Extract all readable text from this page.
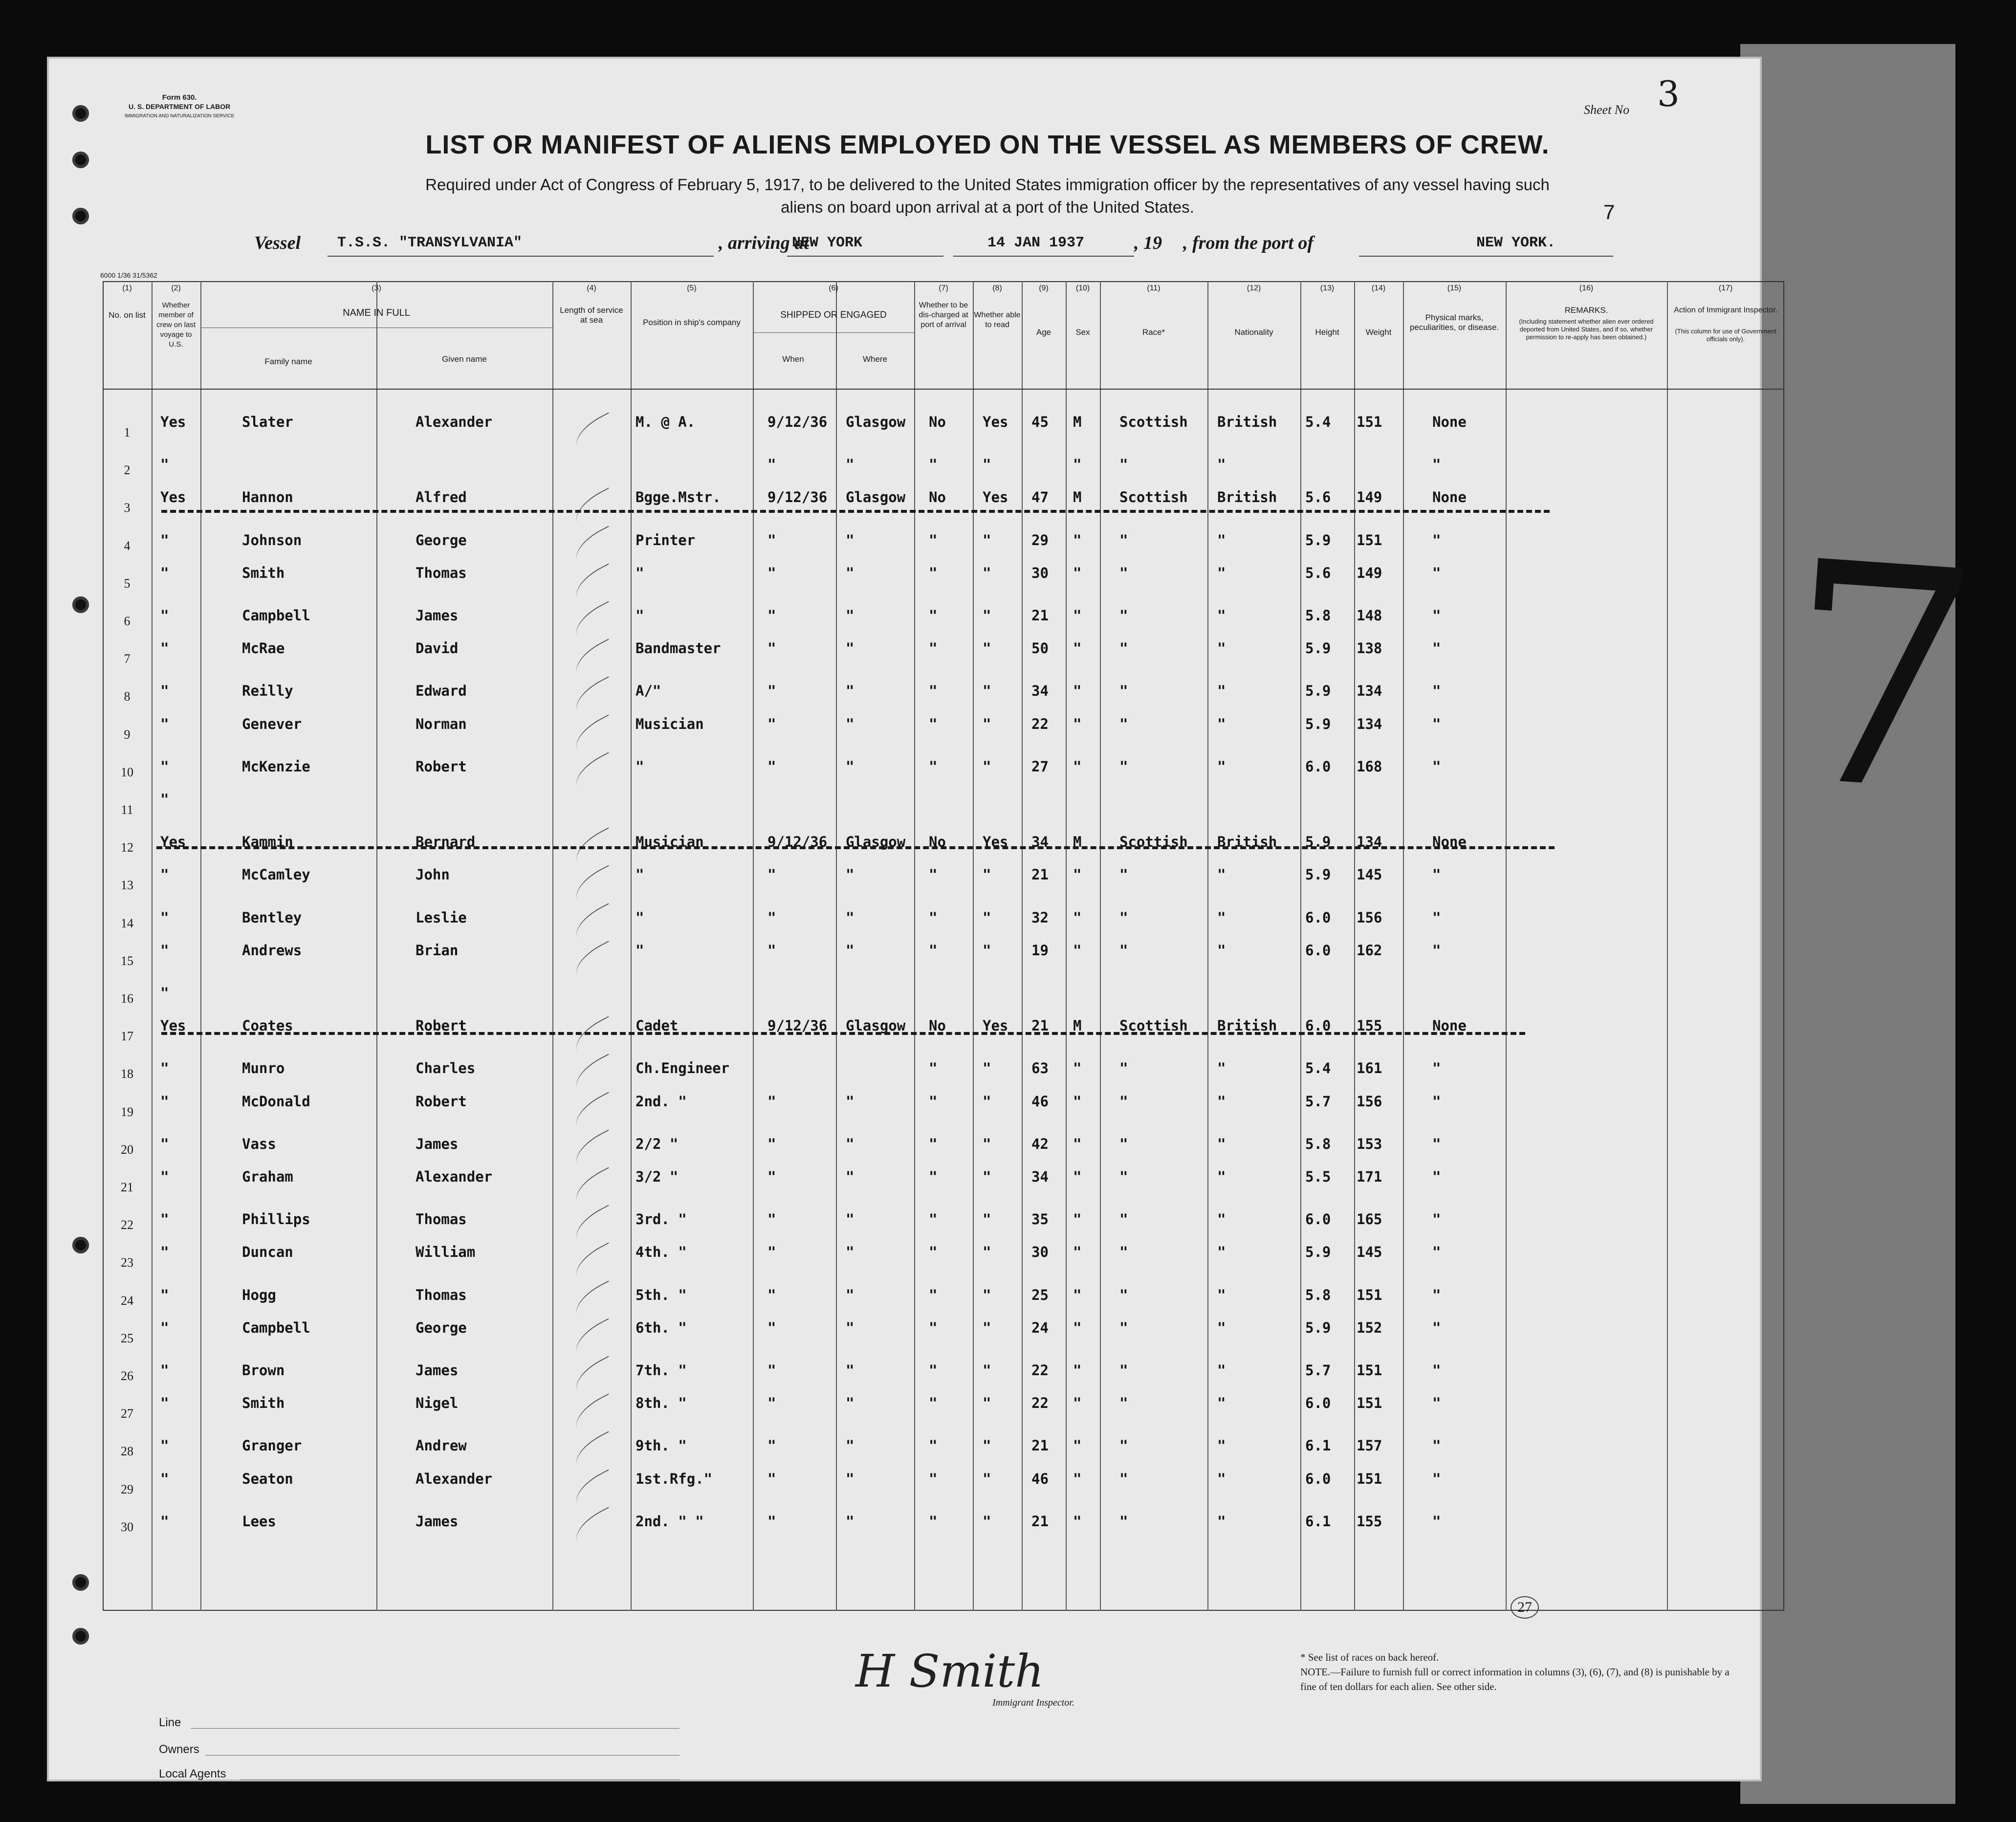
7
Form 630.
U. S. DEPARTMENT OF LABOR
IMMIGRATION AND NATURALIZATION SERVICE	Sheet No 3
LIST OR MANIFEST OF ALIENS EMPLOYED ON THE VESSEL AS MEMBERS OF CREW.
Required under Act of Congress of February 5, 1917, to be delivered to the United States immigration officer by the representatives of any vessel having such
aliens on board upon arrival at a port of the United States.	7
Vessel	T.S.S. "TRANSYLVANIA"	, arriving at
NEW YORK	14 JAN 1937	, 19 , from the port of	NEW YORK.
6000 1/36 31/5362
(1)	(2)	(3)	(4)	(5)	(6)	(7)	(8)	(9)	(10)	(11)	(12)	(13)	(14)	(15)	(16)	(17)
No. on list
Whether member of crew on last voyage to U.S.
NAME IN FULL
Family name	Given name
Length of service at sea	Position in ship's company
SHIPPED OR ENGAGED
When	Where
Whether to be dis-charged at port of arrival
Whether able to read
Age	Sex	Race*	Nationality	Height	Weight
Physical marks, peculiarities, or disease.
REMARKS.
(Including statement whether alien ever ordered deported from United States, and if so, whether permission to re-apply has been obtained.)
Action of Immigrant Inspector.
(This column for use of Government officials only).
1
Yes	Slater	Alexander	M. @ A.	9/12/36 Glasgow No	Yes 45 M	Scottish British 5.4 151	None
2	"	"	"	"	"	"	"	"	"
3
Yes	Hannon	Alfred	Bgge.Mstr.	9/12/36 Glasgow No	Yes 47 M	Scottish British 5.6 149	None
4	"	Johnson	George	Printer	"	"	"	"	29 "	"	"	5.9 151	"
5
"	Smith	Thomas	"	"	"	"	"	30 "	"	"	5.6 149	"
6	"	Campbell	James	"	"	"	"	"	21 "	"	"	5.8 148	"
7
"	McRae	David	Bandmaster	"	"	"	"	50 "	"	"	5.9 138	"
8	"	Reilly	Edward	A/"	"	"	"	"	34 "	"	"	5.9 134	"
9
"	Genever	Norman	Musician	"	"	"	"	22 "	"	"	5.9 134	"
10	"	McKenzie	Robert	"	"	"	"	"	27 "	"	"	6.0 168	"
11
"
12	Yes	Kammin	Bernard	Musician	9/12/36 Glasgow No	Yes 34 M	Scottish British 5.9 134	None
13
"	McCamley	John	"	"	"	"	"	21 "	"	"	5.9 145	"
14	"	Bentley	Leslie	"	"	"	"	"	32 "	"	"	6.0 156	"
15
"	Andrews	Brian	"	"	"	"	"	19 "	"	"	6.0 162	"
16	"
17
Yes	Coates	Robert	Cadet	9/12/36 Glasgow No	Yes 21 M	Scottish British 6.0 155	None
18	"	Munro	Charles	Ch.Engineer	"	"	63 "	"	"	5.4 161	"
19
"	McDonald	Robert	2nd. "	"	"	"	"	46 "	"	"	5.7 156	"
20	"	Vass	James	2/2 "	"	"	"	"	42 "	"	"	5.8 153	"
21
"	Graham	Alexander	3/2 "	"	"	"	"	34 "	"	"	5.5 171	"
22	"	Phillips	Thomas	3rd. "	"	"	"	"	35 "	"	"	6.0 165	"
23
"	Duncan	William	4th. "	"	"	"	"	30 "	"	"	5.9 145	"
24	"	Hogg	Thomas	5th. "	"	"	"	"	25 "	"	"	5.8 151	"
25
"	Campbell	George	6th. "	"	"	"	"	24 "	"	"	5.9 152	"
26	"	Brown	James	7th. "	"	"	"	"	22 "	"	"	5.7 151	"
27
"	Smith	Nigel	8th. "	"	"	"	"	22 "	"	"	6.0 151	"
28	"	Granger	Andrew	9th. "	"	"	"	"	21 "	"	"	6.1 157	"
29
"	Seaton	Alexander	1st.Rfg."	"	"	"	"	46 "	"	"	6.0 151	"
30	"	Lees	James	2nd. " "	"	"	"	"	21 "	"	"	6.1 155	"
27
Line
Owners
Local Agents
H Smith
Immigrant Inspector.
* See list of races on back hereof.
NOTE.—Failure to furnish full or correct information in columns (3), (6), (7), and (8) is punishable by a fine of ten dollars for each alien. See other side.
